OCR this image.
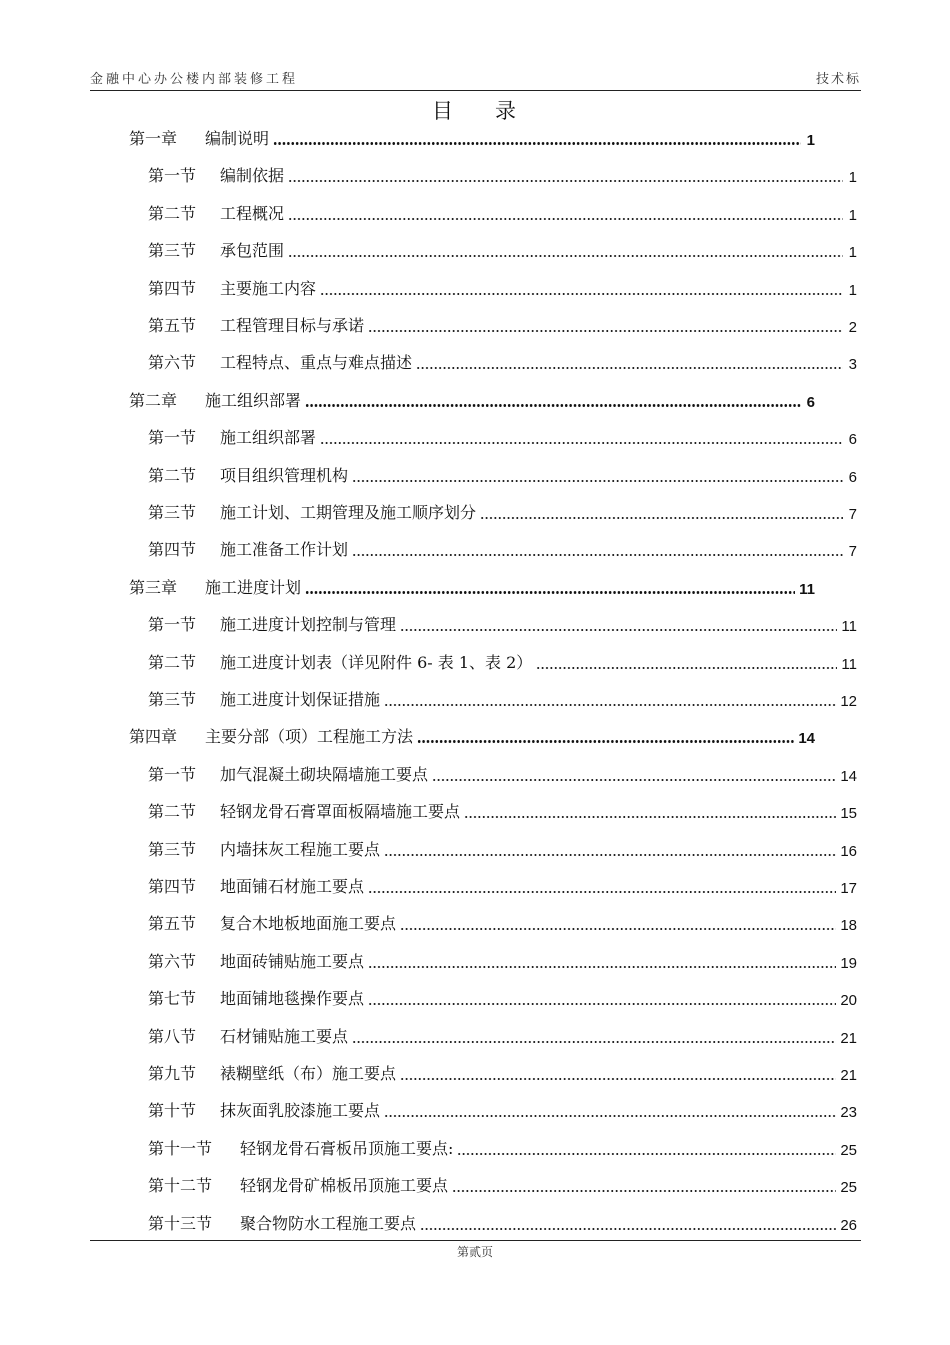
金融中心办公楼内部装修工程	技术标
目 录
第一章 编制说明	1
第一节 编制依据	1
第二节 工程概况	1
第三节 承包范围	1
第四节 主要施工内容	1
第五节 工程管理目标与承诺	2
第六节 工程特点、重点与难点描述	3
第二章 施工组织部署	6
第一节 施工组织部署	6
第二节 项目组织管理机构	6
第三节 施工计划、工期管理及施工顺序划分	7
第四节 施工准备工作计划	7
第三章 施工进度计划	11
第一节 施工进度计划控制与管理	11
第二节 施工进度计划表（详见附件 6- 表 1、表 2）	11
第三节 施工进度计划保证措施	12
第四章 主要分部（项）工程施工方法	14
第一节 加气混凝土砌块隔墙施工要点	14
第二节 轻钢龙骨石膏罩面板隔墙施工要点	15
第三节 内墙抹灰工程施工要点	16
第四节 地面铺石材施工要点	17
第五节 复合木地板地面施工要点	18
第六节 地面砖铺贴施工要点	19
第七节 地面铺地毯操作要点	20
第八节 石材铺贴施工要点	21
第九节 裱糊壁纸（布）施工要点	21
第十节 抹灰面乳胶漆施工要点	23
第十一节 轻钢龙骨石膏板吊顶施工要点:	25
第十二节 轻钢龙骨矿棉板吊顶施工要点	25
第十三节 聚合物防水工程施工要点	26
第贰页
